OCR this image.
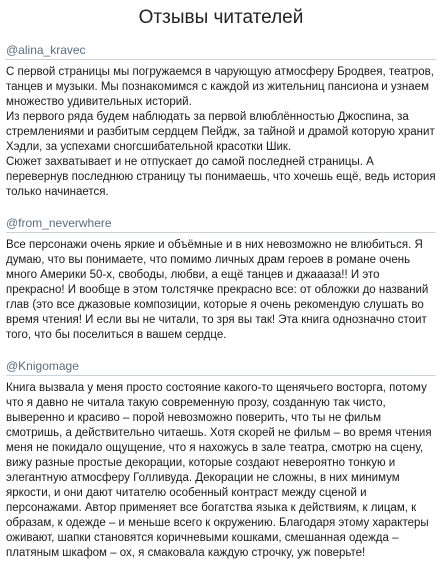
Отзывы читателей
@alina_kravec

С первой страницы мы погружаемся в чарующую атмосферу Бродвея, театров, танцев и музыки. Мы познакомимся с каждой из жительниц пансиона и узнаем множество удивительных историй.
Из первого ряда будем наблюдать за первой влюблённостью Джоспина, за стремлениями и разбитым сердцем Пейдж, за тайной и драмой которую хранит Хэдли, за успехами сногсшибательной красотки Шик.
Сюжет захватывает и не отпускает до самой последней страницы. А перевернув последнюю страницу ты понимаешь, что хочешь ещё, ведь история только начинается.

@from_neverwhere

Все персонажи очень яркие и объёмные и в них невозможно не влюбиться. Я думаю, что вы понимаете, что помимо личных драм героев в романе очень много Америки 50-х, свободы, любви, а ещё танцев и джаааза!! И это прекрасно! И вообще в этом толстячке прекрасно все: от обложки до названий глав (это все джазовые композиции, которые я очень рекомендую слушать во время чтения! И если вы не читали, то зря вы так! Эта книга однозначно стоит того, что бы поселиться в вашем сердце.

@Knigomage

Книга вызвала у меня просто состояние какого-то щенячьего восторга, потому что я давно не читала такую современную прозу, созданную так чисто, выверенно и красиво – порой невозможно поверить, что ты не фильм смотришь, а действительно читаешь. Хотя скорей не фильм – во время чтения меня не покидало ощущение, что я нахожусь в зале театра, смотрю на сцену, вижу разные простые декорации, которые создают невероятно тонкую и элегантную атмосферу Голливуда. Декорации не сложны, в них минимум яркости, и они дают читателю особенный контраст между сценой и персонажами. Автор применяет все богатства языка к действиям, к лицам, к образам, к одежде – и меньше всего к окружению. Благодаря этому характеры оживают, шапки становятся коричневыми кошками, смешанная одежда – платяным шкафом – ох, я смаковала каждую строчку, уж поверьте!
